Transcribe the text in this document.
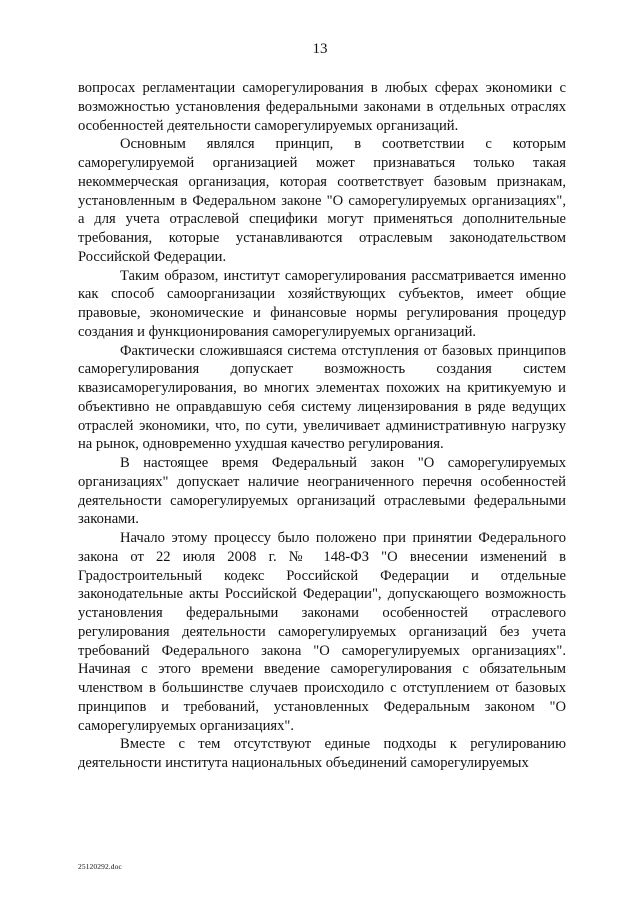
13

вопросах регламентации саморегулирования в любых сферах экономики с возможностью установления федеральными законами в отдельных отраслях особенностей деятельности саморегулируемых организаций.

Основным являлся принцип, в соответствии с которым саморегулируемой организацией может признаваться только такая некоммерческая организация, которая соответствует базовым признакам, установленным в Федеральном законе "О саморегулируемых организациях", а для учета отраслевой специфики могут применяться дополнительные требования, которые устанавливаются отраслевым законодательством Российской Федерации.

Таким образом, институт саморегулирования рассматривается именно как способ самоорганизации хозяйствующих субъектов, имеет общие правовые, экономические и финансовые нормы регулирования процедур создания и функционирования саморегулируемых организаций.

Фактически сложившаяся система отступления от базовых принципов саморегулирования допускает возможность создания систем квазисаморегулирования, во многих элементах похожих на критикуемую и объективно не оправдавшую себя систему лицензирования в ряде ведущих отраслей экономики, что, по сути, увеличивает административную нагрузку на рынок, одновременно ухудшая качество регулирования.

В настоящее время Федеральный закон "О саморегулируемых организациях" допускает наличие неограниченного перечня особенностей деятельности саморегулируемых организаций отраслевыми федеральными законами.

Начало этому процессу было положено при принятии Федерального закона от 22 июля 2008 г. № 148-ФЗ "О внесении изменений в Градостроительный кодекс Российской Федерации и отдельные законодательные акты Российской Федерации", допускающего возможность установления федеральными законами особенностей отраслевого регулирования деятельности саморегулируемых организаций без учета требований Федерального закона "О саморегулируемых организациях". Начиная с этого времени введение саморегулирования с обязательным членством в большинстве случаев происходило с отступлением от базовых принципов и требований, установленных Федеральным законом "О саморегулируемых организациях".

Вместе с тем отсутствуют единые подходы к регулированию деятельности института национальных объединений саморегулируемых

25120292.doc
